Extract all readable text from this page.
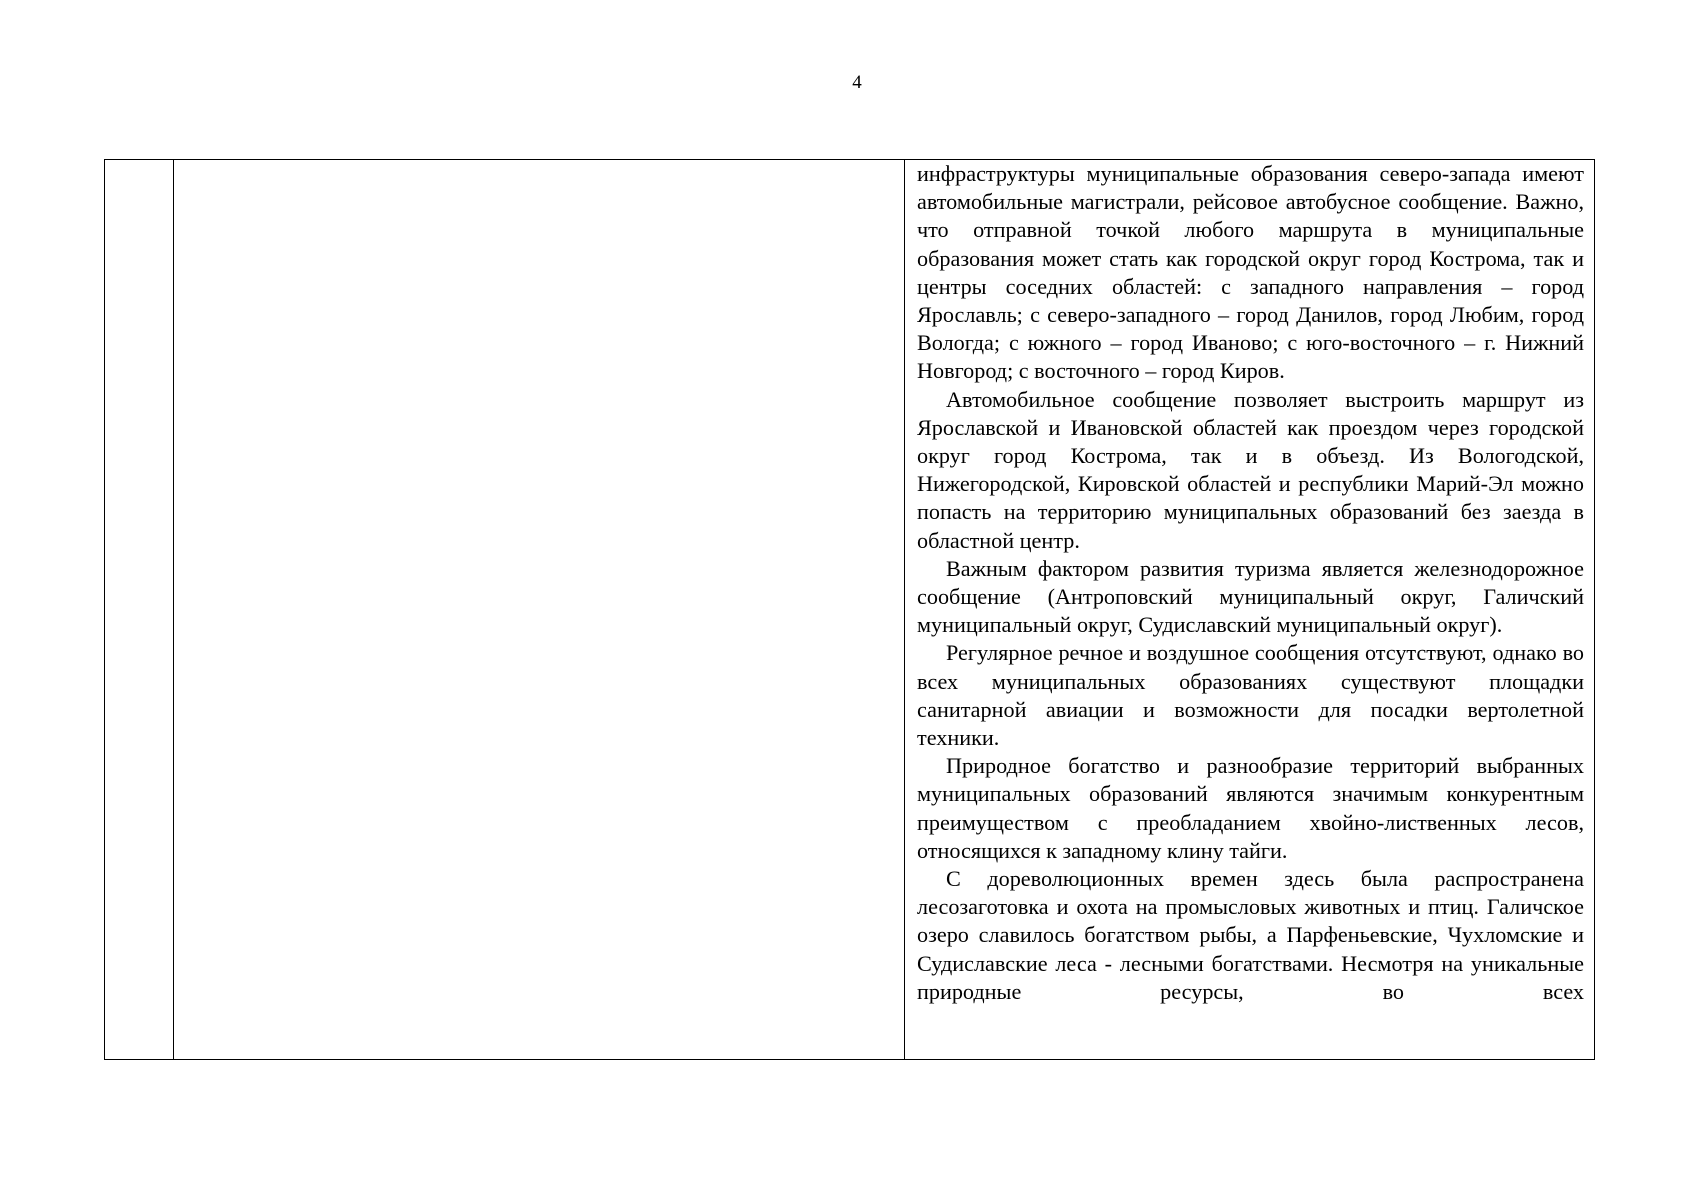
4

инфраструктуры муниципальные образования северо-запада имеют автомобильные магистрали, рейсовое автобусное сообщение. Важно, что отправной точкой любого маршрута в муниципальные образования может стать как городской округ город Кострома, так и центры соседних областей: с западного направления – город Ярославль; с северо-западного – город Данилов, город Любим, город Вологда; с южного – город Иваново; с юго-восточного – г. Нижний Новгород; с восточного – город Киров.

Автомобильное сообщение позволяет выстроить маршрут из Ярославской и Ивановской областей как проездом через городской округ город Кострома, так и в объезд. Из Вологодской, Нижегородской, Кировской областей и республики Марий-Эл можно попасть на территорию муниципальных образований без заезда в областной центр.

Важным фактором развития туризма является железнодорожное сообщение (Антроповский муниципальный округ, Галичский муниципальный округ, Судиславский муниципальный округ).

Регулярное речное и воздушное сообщения отсутствуют, однако во всех муниципальных образованиях существуют площадки санитарной авиации и возможности для посадки вертолетной техники.

Природное богатство и разнообразие территорий выбранных муниципальных образований являются значимым конкурентным преимуществом с преобладанием хвойно-лиственных лесов, относящихся к западному клину тайги.

С дореволюционных времен здесь была распространена лесозаготовка и охота на промысловых животных и птиц. Галичское озеро славилось богатством рыбы, а Парфеньевские, Чухломские и Судиславские леса - лесными богатствами. Несмотря на уникальные природные ресурсы, во всех
